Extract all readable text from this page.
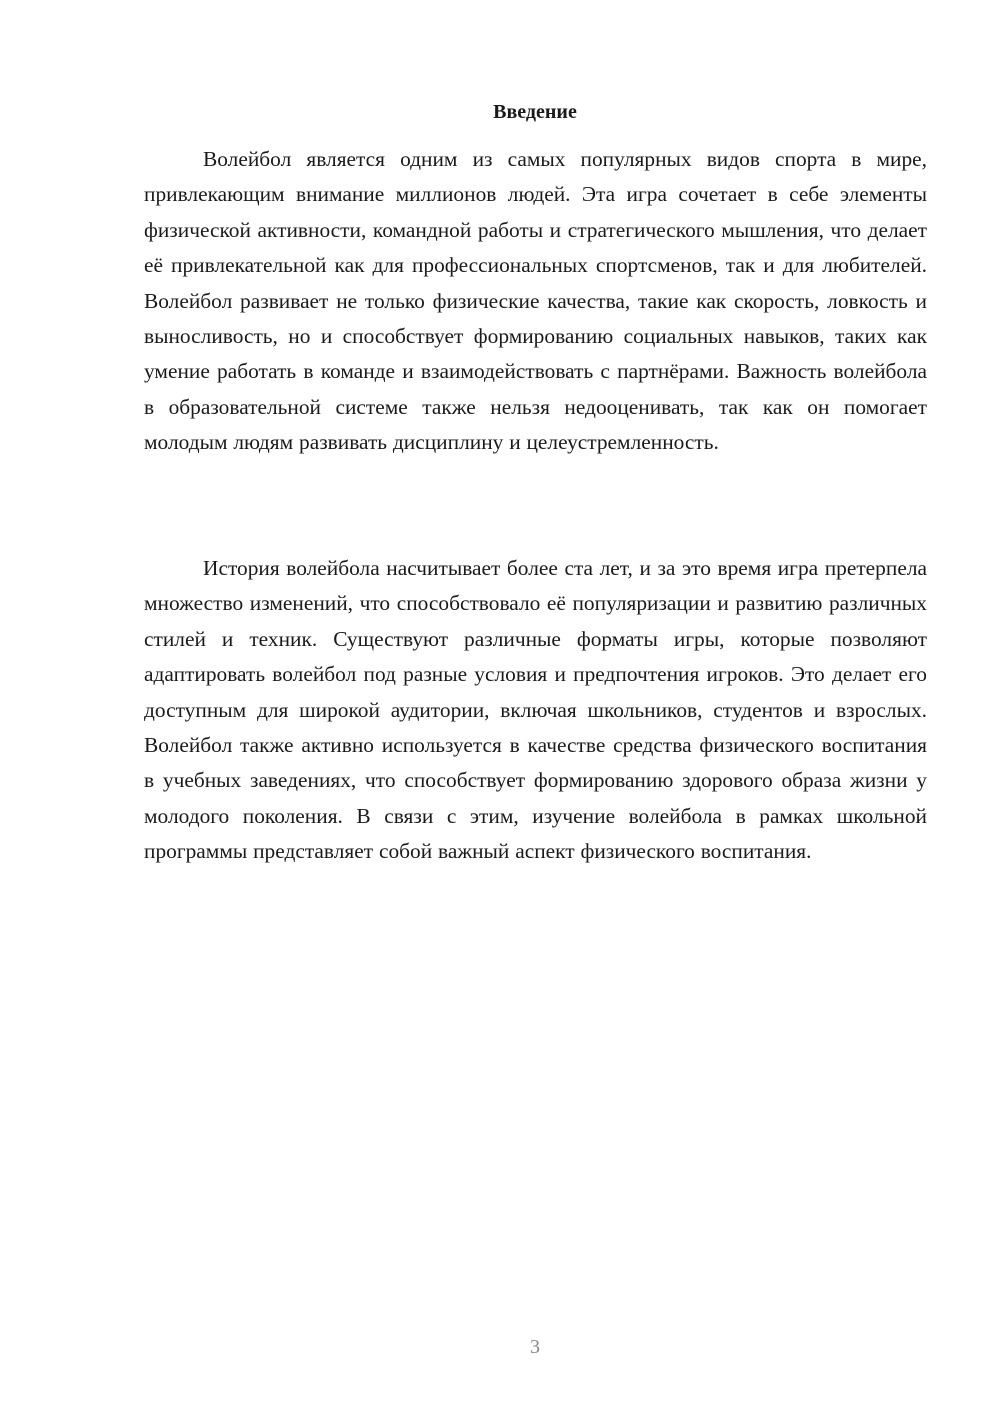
Введение

Волейбол является одним из самых популярных видов спорта в мире, привлекающим внимание миллионов людей. Эта игра сочетает в себе элементы физической активности, командной работы и стратегического мышления, что делает её привлекательной как для профессиональных спортсменов, так и для любителей. Волейбол развивает не только физические качества, такие как скорость, ловкость и выносливость, но и способствует формированию социальных навыков, таких как умение работать в команде и взаимодействовать с партнёрами. Важность волейбола в образовательной системе также нельзя недооценивать, так как он помогает молодым людям развивать дисциплину и целеустремленность.

История волейбола насчитывает более ста лет, и за это время игра претерпела множество изменений, что способствовало её популяризации и развитию различных стилей и техник. Существуют различные форматы игры, которые позволяют адаптировать волейбол под разные условия и предпочтения игроков. Это делает его доступным для широкой аудитории, включая школьников, студентов и взрослых. Волейбол также активно используется в качестве средства физического воспитания в учебных заведениях, что способствует формированию здорового образа жизни у молодого поколения. В связи с этим, изучение волейбола в рамках школьной программы представляет собой важный аспект физического воспитания.

3
